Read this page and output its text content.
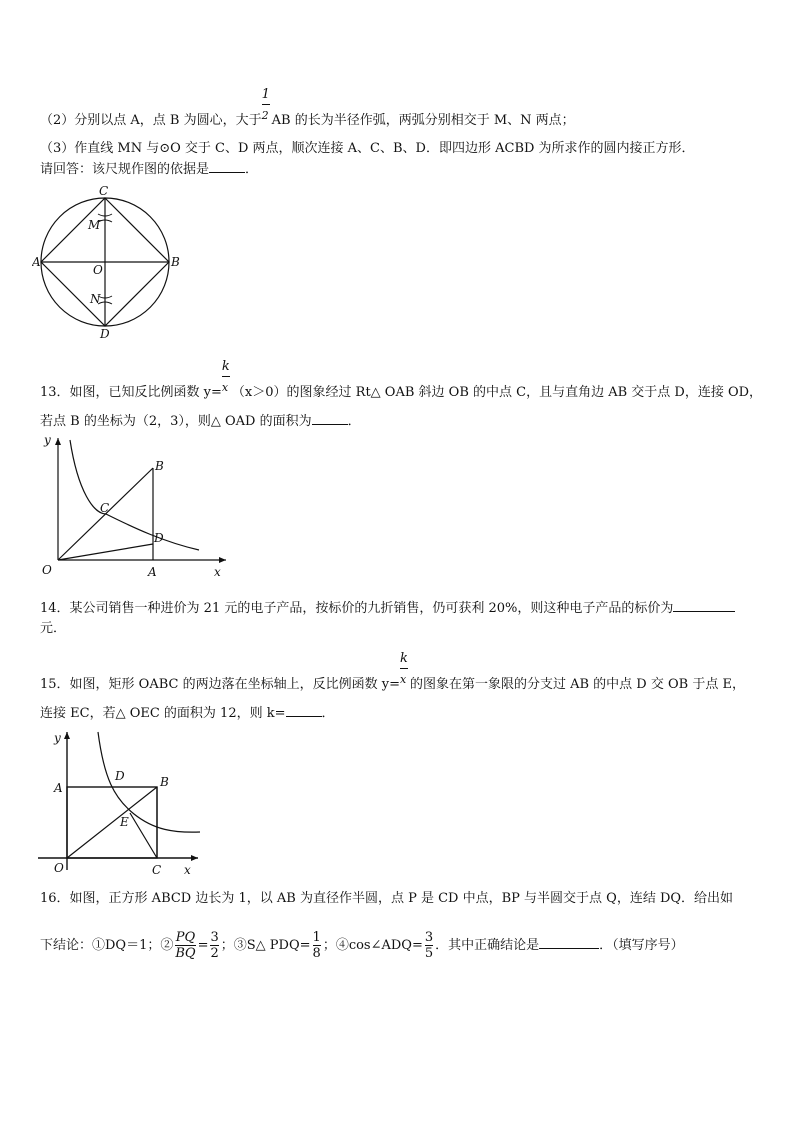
（2）分别以点 A，点 B 为圆心，大于 $\frac{1}{^2}AB$ 的长为半径作弧，两弧分别相交于 M、N 两点；
（3）作直线 MN 与⊙O 交于 C、D 两点，顺次连接 A、C、B、D．即四边形 ACBD 为所求作的圆内接正方形．
请回答：该尺规作图的依据是	．
C
M
A
O
B
N
D
13．如图，已知反比例函数 $y= \frac{k}{^x}(x>0)$的图象经过 Rt△ OAB 斜边 OB 的中点 C，且与直角边 AB 交于点 D，连接 OD，
若点 B 的坐标为（2，3），则△ OAD 的面积为	．
y
x
O	A
B
C
D
14．某公司销售一种进价为 21 元的电子产品，按标价的九折销售，仍可获利 20%，则这种电子产品的标价为
元．
15．如图，矩形 OABC 的两边落在坐标轴上，反比例函数 $y= \frac{k}{^x}$的图象在第一象限的分支过 AB 的中点 D 交 OB 于点 E，
连接 EC，若△ OEC 的面积为 12，则 k=	．
y
x
O
A	B
C
D
E
16．如图，正方形 ABCD 边长为 1，以 AB 为直径作半圆，点 P 是 CD 中点，BP 与半圆交于点 Q，连结 DQ．给出如
下结论：①DQ＝1；② $\frac{PQ}{BQ} = \frac{3}{2}$ ；③S△ $PDQ= \frac{1}{8}$ ；④cos∠ADQ= $\frac{3}{5}$ ．其中正确结论是	．（填写序号）
